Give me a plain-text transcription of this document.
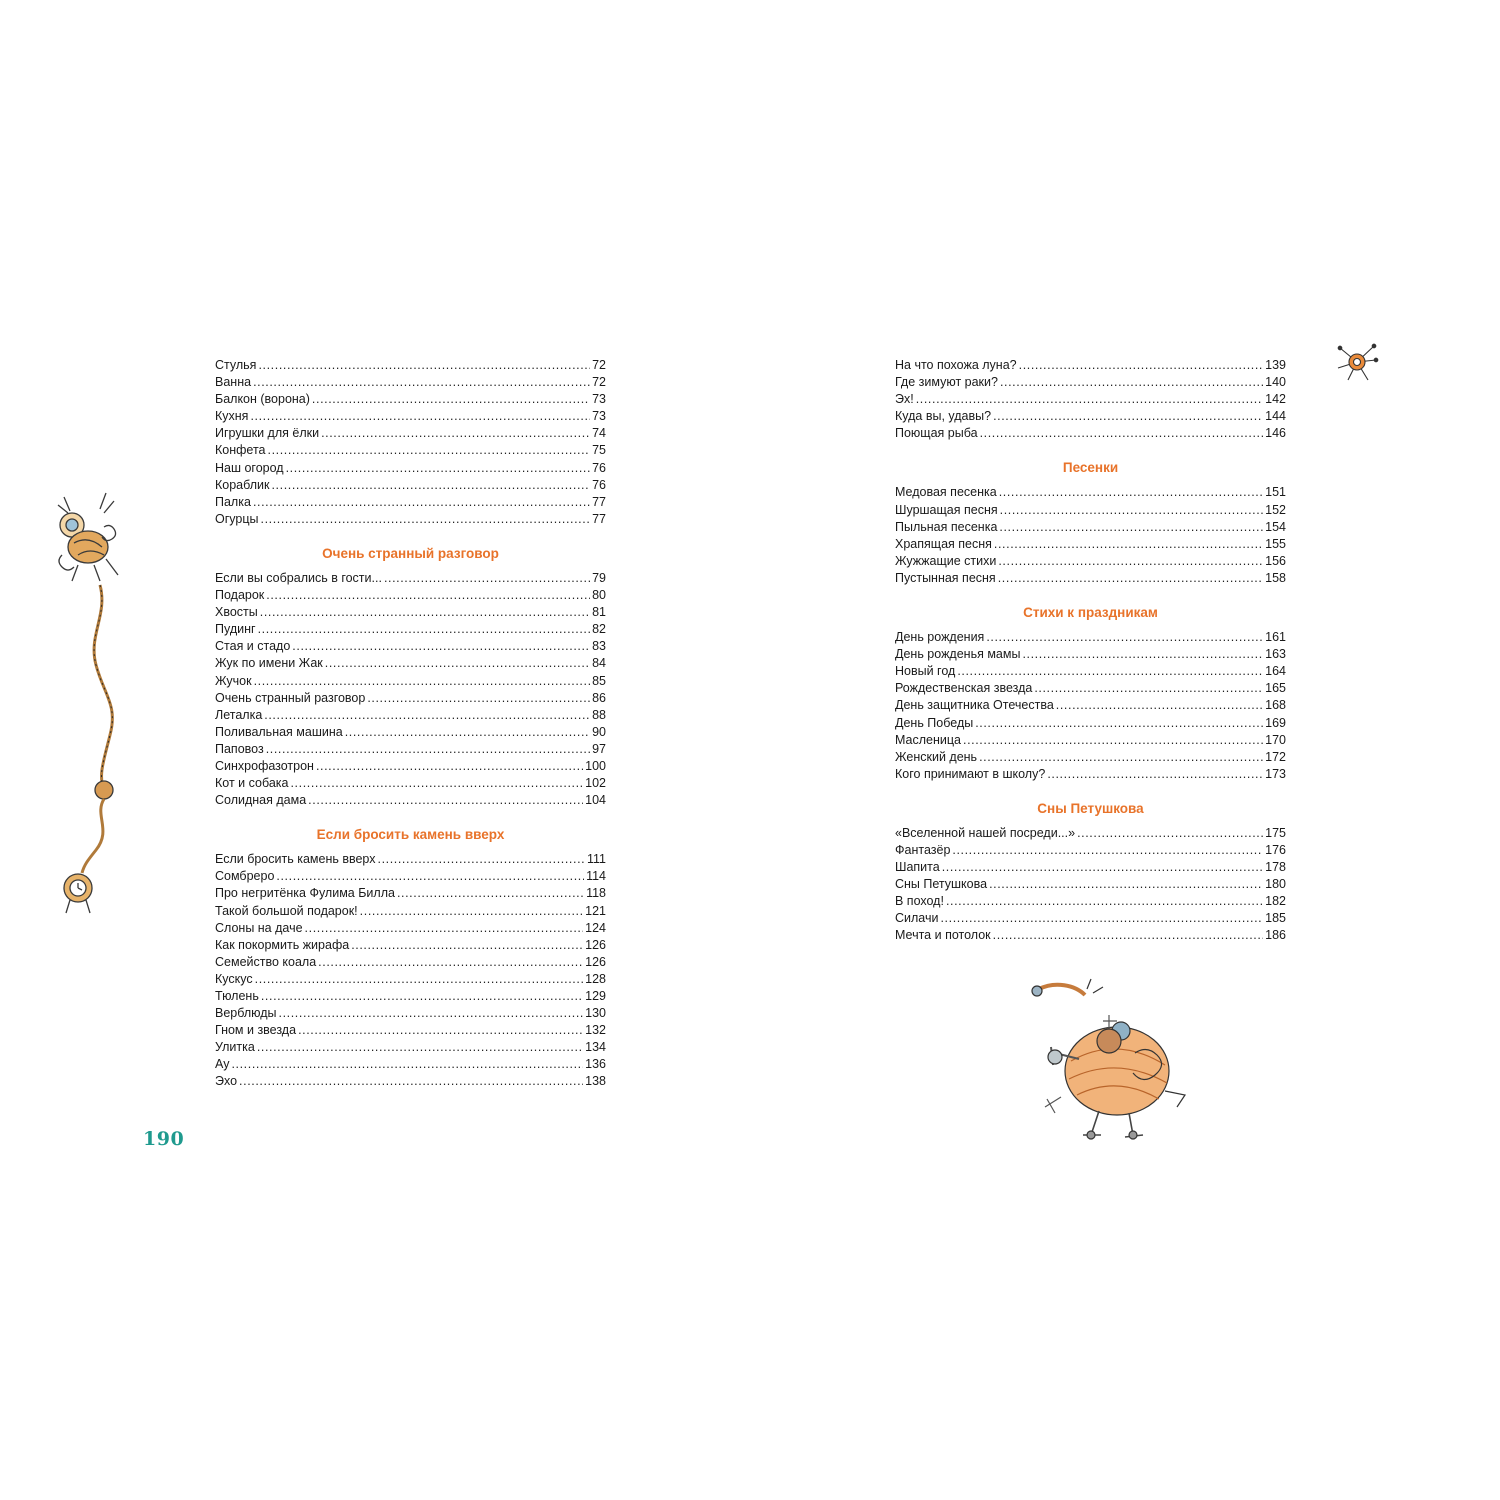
Стулья .....	72
Ванна .....	72
Балкон (ворона) .....	73
Кухня .....	73
Игрушки для ёлки .....	74
Конфета .....	75
Наш огород .....	76
Кораблик .....	76
Палка .....	77
Огурцы .....	77
Очень странный разговор
Если вы собрались в гости... .....	79
Подарок .....	80
Хвосты .....	81
Пудинг .....	82
Стая и стадо .....	83
Жук по имени Жак .....	84
Жучок .....	85
Очень странный разговор .....	86
Леталка .....	88
Поливальная машина .....	90
Паповоз .....	97
Синхрофазотрон .....	100
Кот и собака .....	102
Солидная дама .....	104
Если бросить камень вверх
Если бросить камень вверх .....	111
Сомбреро .....	114
Про негритёнка Фулима Билла .....	118
Такой большой подарок! .....	121
Слоны на даче .....	124
Как покормить жирафа .....	126
Семейство коала .....	126
Кускус .....	128
Тюлень .....	129
Верблюды .....	130
Гном и звезда .....	132
Улитка .....	134
Ау .....	136
Эхо .....	138
На что похожа луна? .....	139
Где зимуют раки? .....	140
Эх! .....	142
Куда вы, удавы? .....	144
Поющая рыба .....	146
Песенки
Медовая песенка .....	151
Шуршащая песня .....	152
Пыльная песенка .....	154
Храпящая песня .....	155
Жужжащие стихи .....	156
Пустынная песня .....	158
Стихи к праздникам
День рождения .....	161
День рожденья мамы .....	163
Новый год .....	164
Рождественская звезда .....	165
День защитника Отечества .....	168
День Победы .....	169
Масленица .....	170
Женский день .....	172
Кого принимают в школу? .....	173
Сны Петушкова
«Вселенной нашей посреди...» .....	175
Фантазёр .....	176
Шапита .....	178
Сны Петушкова .....	180
В поход! .....	182
Силачи .....	185
Мечта и потолок .....	186
190
